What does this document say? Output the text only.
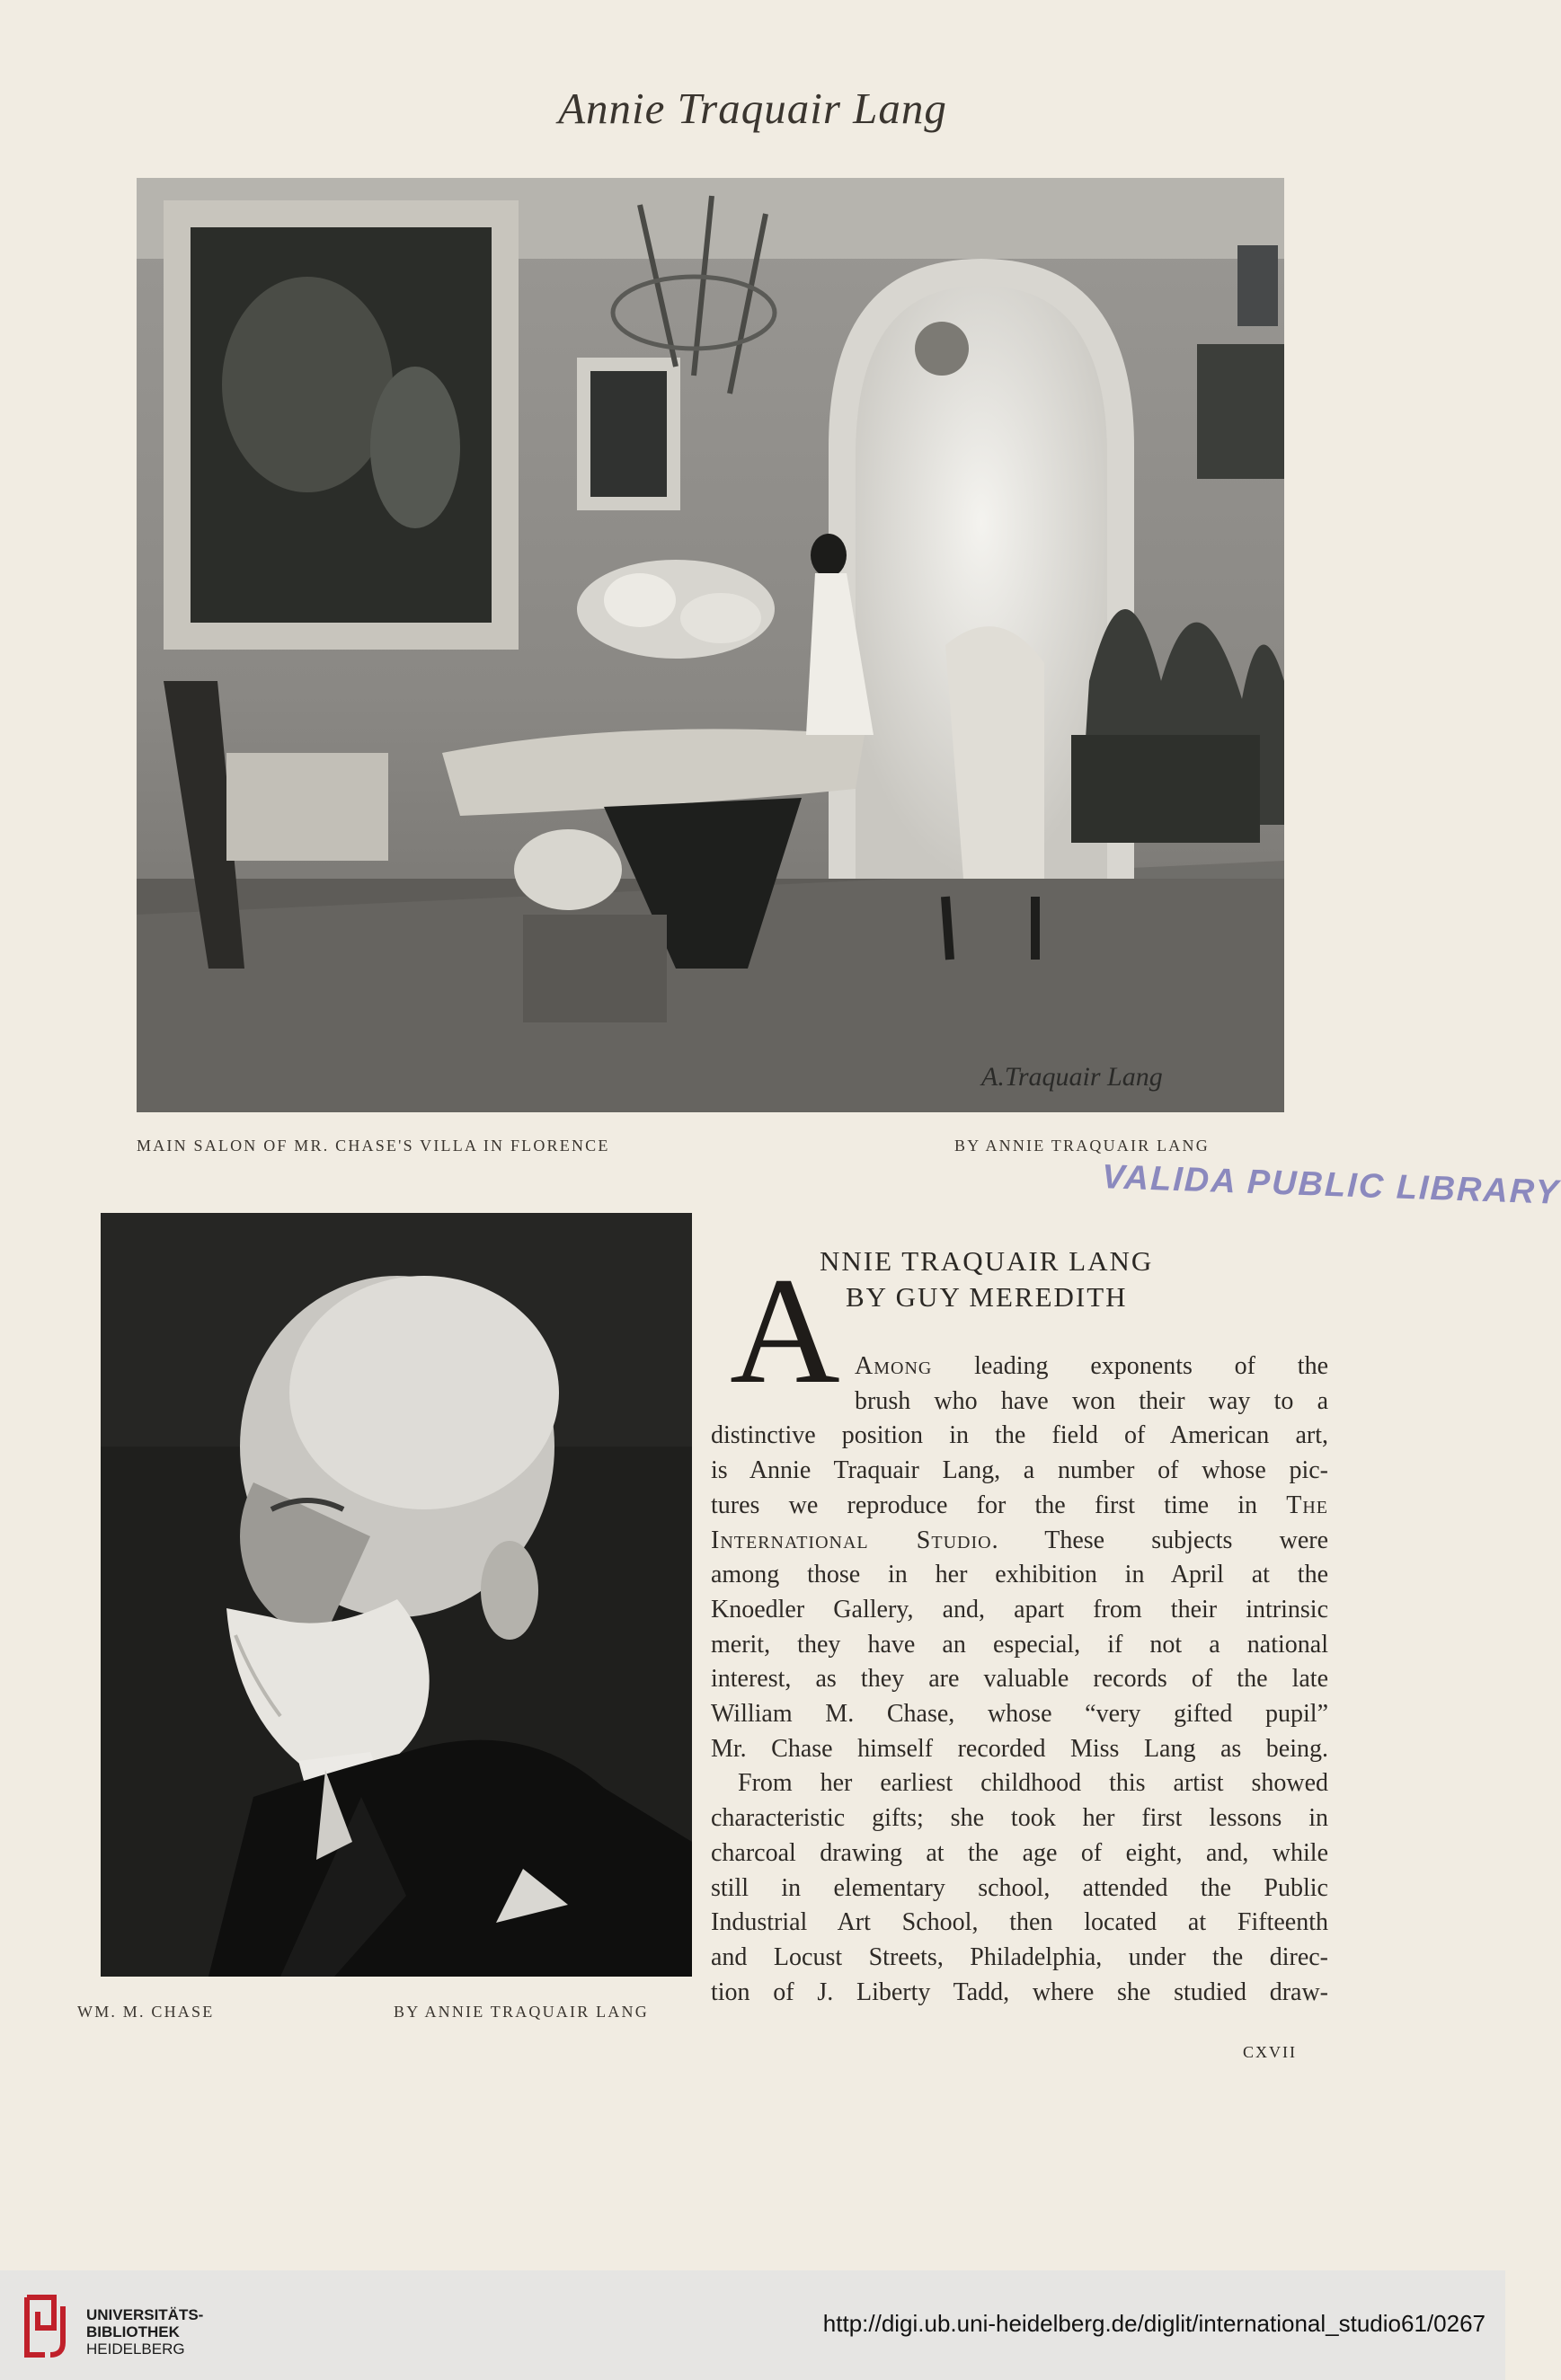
Annie Traquair Lang
A.Traquair Lang
MAIN SALON OF MR. CHASE'S VILLA IN FLORENCE	BY ANNIE TRAQUAIR LANG
WM. M. CHASE	BY ANNIE TRAQUAIR LANG
VALIDA PUBLIC LIBRARY
A
NNIE TRAQUAIR LANG
BY GUY MEREDITH
Among leading exponents of the
brush who have won their way to a
distinctive position in the field of American art,
is Annie Traquair Lang, a number of whose pic-
tures we reproduce for the first time in The
International Studio. These subjects were
among those in her exhibition in April at the
Knoedler Gallery, and, apart from their intrinsic
merit, they have an especial, if not a national
interest, as they are valuable records of the late
William M. Chase, whose “very gifted pupil”
Mr. Chase himself recorded Miss Lang as being.
From her earliest childhood this artist showed
characteristic gifts; she took her first lessons in
charcoal drawing at the age of eight, and, while
still in elementary school, attended the Public
Industrial Art School, then located at Fifteenth
and Locust Streets, Philadelphia, under the direc-
tion of J. Liberty Tadd, where she studied draw-
CXVII
UNIVERSITÄTS-
BIBLIOTHEK
HEIDELBERG
http://digi.ub.uni-heidelberg.de/diglit/international_studio61/0267
